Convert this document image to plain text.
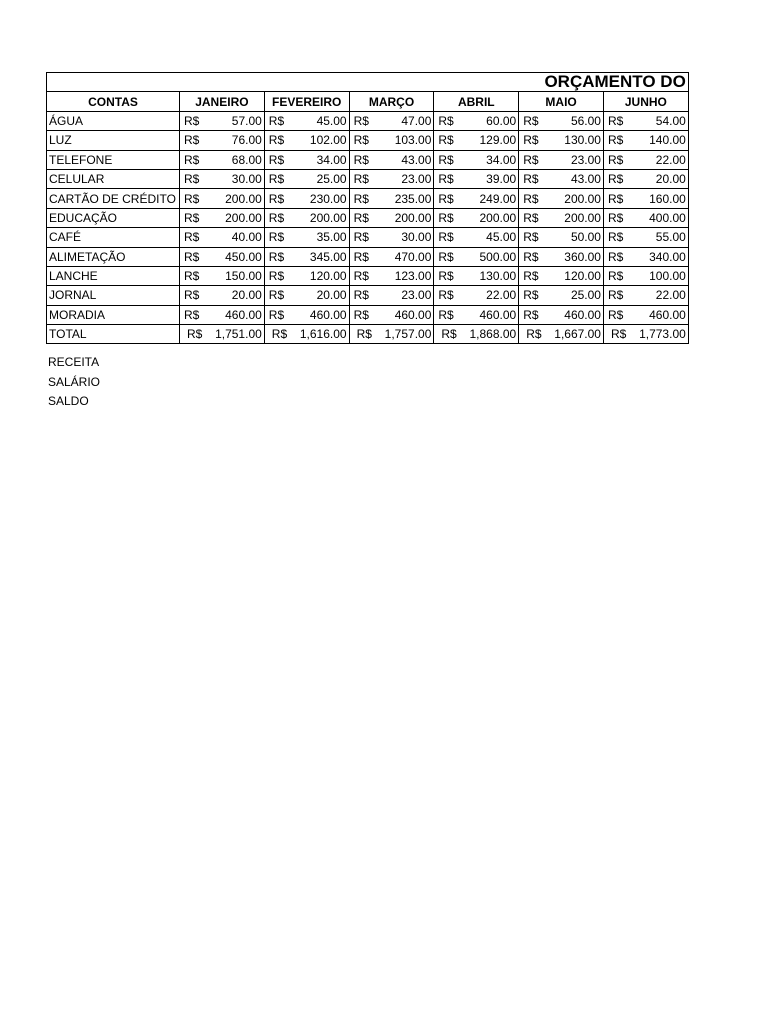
ORÇAMENTO DO						
CONTAS	JANEIRO	FEVEREIRO	MARÇO	ABRIL	MAIO	JUNHO
ÁGUA	R$ 57.00	R$ 45.00	R$ 47.00	R$ 60.00	R$ 56.00	R$ 54.00

LUZ	R$ 76.00	R$ 102.00	R$ 103.00	R$ 129.00	R$ 130.00	R$ 140.00

TELEFONE	R$ 68.00	R$ 34.00	R$ 43.00	R$ 34.00	R$ 23.00	R$ 22.00

CELULAR	R$ 30.00	R$ 25.00	R$ 23.00	R$ 39.00	R$ 43.00	R$ 20.00

CARTÃO DE CRÉDITO	R$ 200.00	R$ 230.00	R$ 235.00	R$ 249.00	R$ 200.00	R$ 160.00

EDUCAÇÃO	R$ 200.00	R$ 200.00	R$ 200.00	R$ 200.00	R$ 200.00	R$ 400.00

CAFÉ	R$ 40.00	R$ 35.00	R$ 30.00	R$ 45.00	R$ 50.00	R$ 55.00

ALIMETAÇÃO	R$ 450.00	R$ 345.00	R$ 470.00	R$ 500.00	R$ 360.00	R$ 340.00

LANCHE	R$ 150.00	R$ 120.00	R$ 123.00	R$ 130.00	R$ 120.00	R$ 100.00

JORNAL	R$ 20.00	R$ 20.00	R$ 23.00	R$ 22.00	R$ 25.00	R$ 22.00

MORADIA	R$ 460.00	R$ 460.00	R$ 460.00	R$ 460.00	R$ 460.00	R$ 460.00

TOTAL	R$ 1,751.00	R$ 1,616.00	R$ 1,757.00	R$ 1,868.00	R$ 1,667.00	R$ 1,773.00
RECEITA
SALÁRIO
SALDO
